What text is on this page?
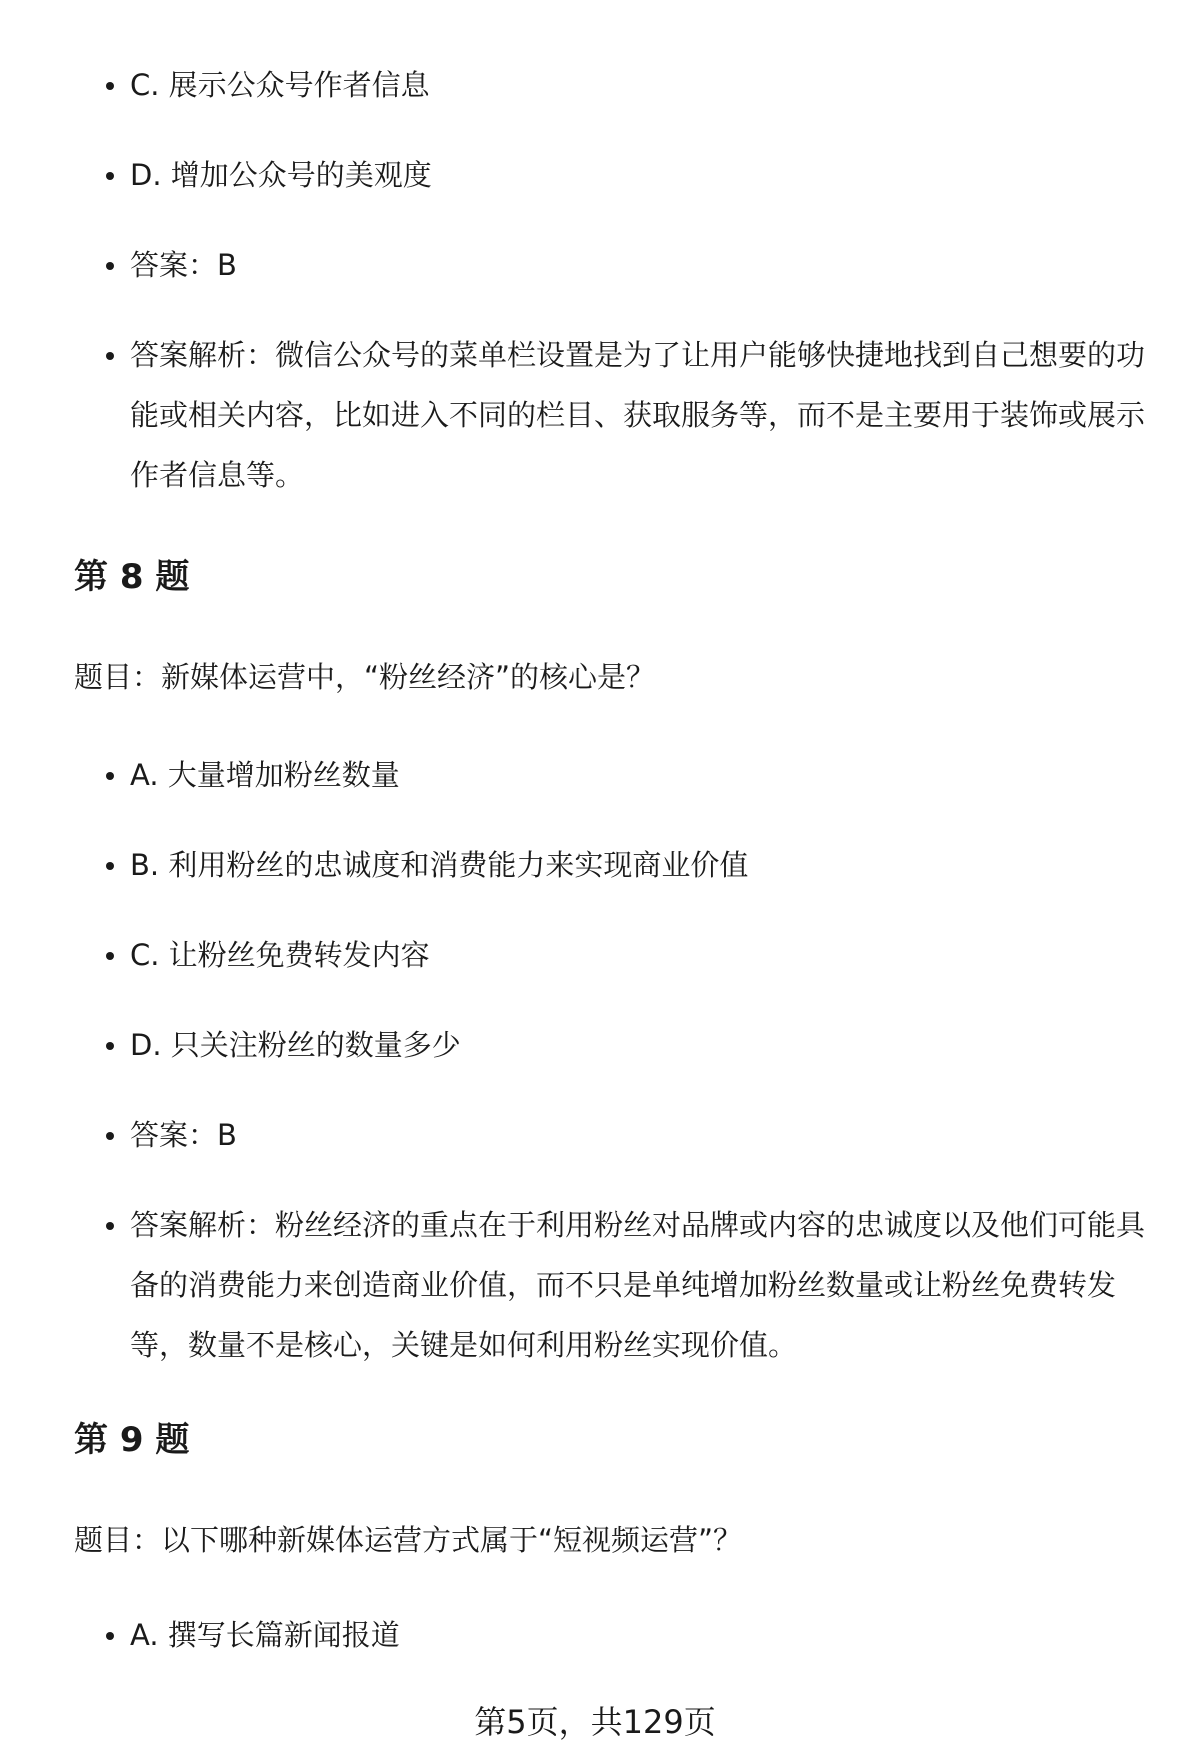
C. 展示公众号作者信息
D. 增加公众号的美观度
答案：B
答案解析：微信公众号的菜单栏设置是为了让用户能够快捷地找到自己想要的功能或相关内容，比如进入不同的栏目、获取服务等，而不是主要用于装饰或展示作者信息等。
第 8 题

题目：新媒体运营中，“粉丝经济”的核心是？

A. 大量增加粉丝数量
B. 利用粉丝的忠诚度和消费能力来实现商业价值
C. 让粉丝免费转发内容
D. 只关注粉丝的数量多少
答案：B
答案解析：粉丝经济的重点在于利用粉丝对品牌或内容的忠诚度以及他们可能具备的消费能力来创造商业价值，而不只是单纯增加粉丝数量或让粉丝免费转发等，数量不是核心，关键是如何利用粉丝实现价值。
第 9 题

题目：以下哪种新媒体运营方式属于“短视频运营”？

A. 撰写长篇新闻报道
第5页，共129页
